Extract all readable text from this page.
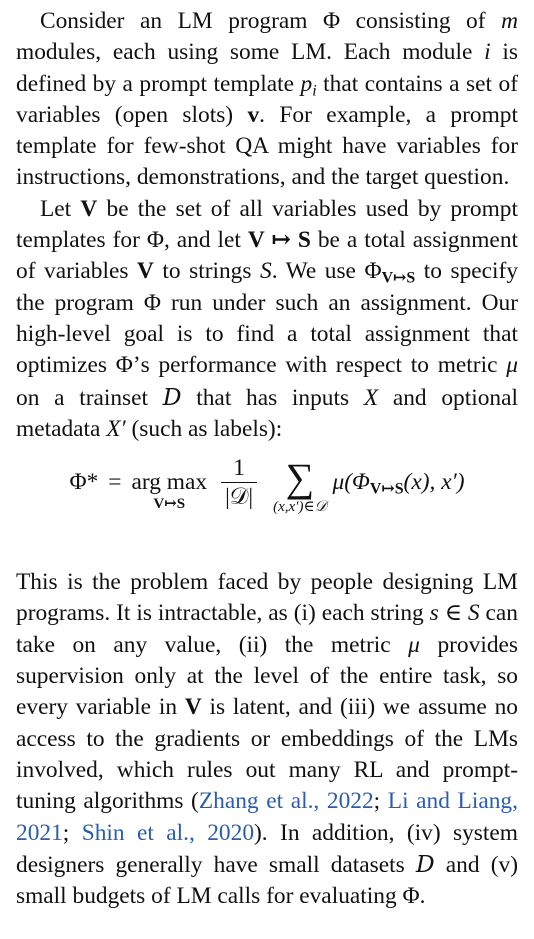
Consider an LM program Φ consisting of m modules, each using some LM. Each module i is defined by a prompt template $p_i$ that contains a set of variables (open slots) v. For example, a prompt template for few-shot QA might have variables for instructions, demonstrations, and the target question.

Let V be the set of all variables used by prompt templates for Φ, and let V ↦ S be a total assignment of variables V to strings S. We use $\Phi_{V↦S}$ to specify the program Φ run under such an assignment. Our high-level goal is to find a total assignment that optimizes Φ’s performance with respect to metric μ on a trainset D that has inputs X and optional metadata X′ (such as labels):

Φ* = arg max
V↦S $\frac{1}{\text{|𝒟|}}$ ∑
(x,x′)∈𝒟
$\mu(\Phi_{V↦S}(x)$, x′)

This is the problem faced by people designing LM programs. It is intractable, as (i) each string s ∈ S can take on any value, (ii) the metric μ provides supervision only at the level of the entire task, so every variable in V is latent, and (iii) we assume no access to the gradients or embeddings of the LMs involved, which rules out many RL and prompt-tuning algorithms (Zhang et al., 2022; Li and Liang, 2021; Shin et al., 2020). In addition, (iv) system designers generally have small datasets D and (v) small budgets of LM calls for evaluating Φ.
